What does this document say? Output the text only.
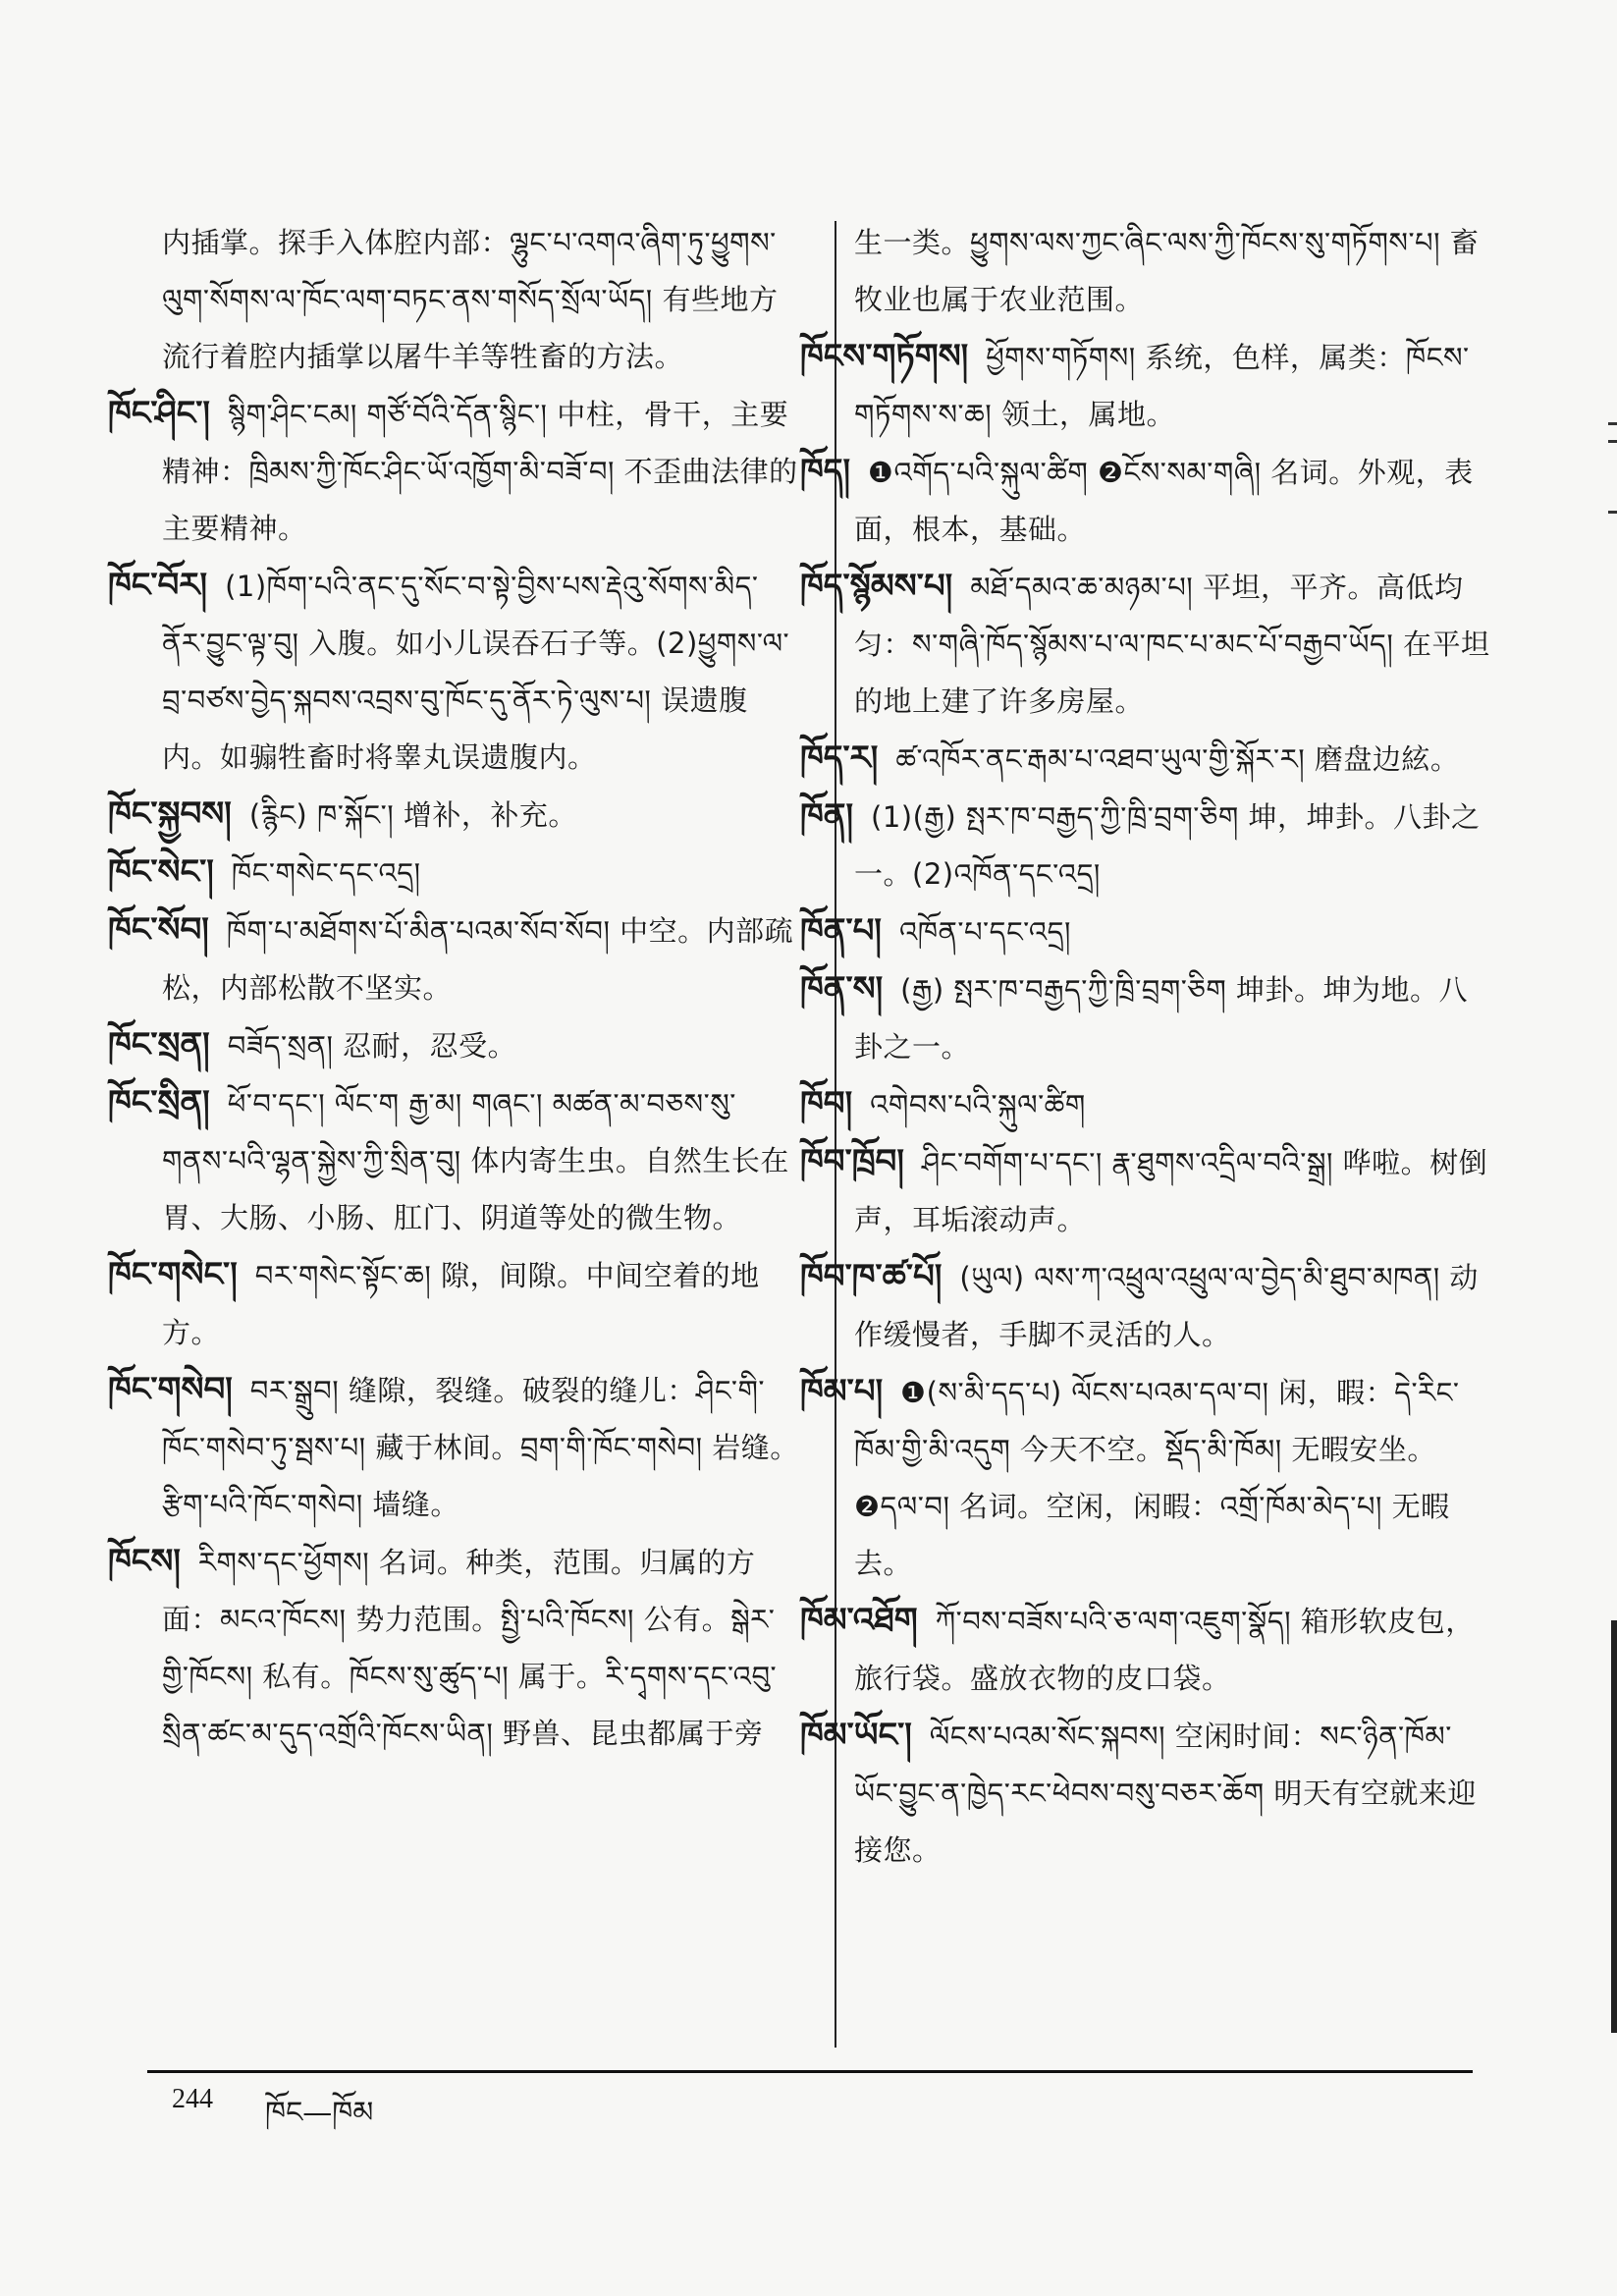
内插掌。探手入体腔内部：ལྷུང་པ་འགའ་ཞིག་ཏུ་ཕྱུགས་ལུག་སོགས་ལ་ཁོང་ལག་བཏང་ནས་གསོད་སྲོལ་ཡོད། 有些地方流行着腔内插掌以屠牛羊等牲畜的方法。

ཁོང་ཤིང་། སྙིག་ཤིང་ངམ། གཙོ་བོའི་དོན་སྙིང་། 中柱，骨干，主要精神：ཁྲིམས་ཀྱི་ཁོང་ཤིང་ཡོ་འཁྱོག་མི་བཟོ་བ། 不歪曲法律的主要精神。

ཁོང་བོར། (1)ཁོག་པའི་ནང་དུ་སོང་བ་སྟེ་བྱིས་པས་རྡེའུ་སོགས་མིད་ནོར་བྱུང་ལྟ་བུ། 入腹。如小儿误吞石子等。(2)ཕྱུགས་ལ་བྲ་བཙས་བྱེད་སྐབས་འབྲས་བུ་ཁོང་དུ་ནོར་ཏེ་ལུས་པ། 误遗腹内。如骟牲畜时将睾丸误遗腹内。

ཁོང་སྐྱབས། (རྙིང) ཁ་སྐོང་། 增补，补充。

ཁོང་སེང་། ཁོང་གསེང་དང་འདྲ།

ཁོང་སོབ། ཁོག་པ་མཐོགས་པོ་མིན་པའམ་སོབ་སོབ། 中空。内部疏松，内部松散不坚实。

ཁོང་སྲན། བཟོད་སྲན། 忍耐，忍受。

ཁོང་སྲིན། ཕོ་བ་དང་། ལོང་ག རྒྱ་མ། གཞང་། མཚན་མ་བཅས་སུ་གནས་པའི་ལྷན་སྐྱེས་ཀྱི་སྲིན་བུ། 体内寄生虫。自然生长在胃、大肠、小肠、肛门、阴道等处的微生物。

ཁོང་གསེང་། བར་གསེང་སྟོང་ཆ། 隙，间隙。中间空着的地方。

ཁོང་གསེབ། བར་སྒྲུབ། 缝隙，裂缝。破裂的缝儿：ཤིང་གི་ཁོང་གསེབ་ཏུ་སྦས་པ། 藏于林间。བྲག་གི་ཁོང་གསེབ། 岩缝。རྩིག་པའི་ཁོང་གསེབ། 墙缝。

ཁོངས། རིགས་དང་ཕྱོགས། 名词。种类，范围。归属的方面：མངའ་ཁོངས། 势力范围。སྤྱི་པའི་ཁོངས། 公有。སྒེར་གྱི་ཁོངས། 私有。ཁོངས་སུ་ཚུད་པ། 属于。རི་དྭགས་དང་འབུ་སྲིན་ཚང་མ་དུད་འགྲོའི་ཁོངས་ཡིན། 野兽、昆虫都属于旁

生一类。ཕྱུགས་ལས་ཀྱང་ཞིང་ལས་ཀྱི་ཁོངས་སུ་གཏོགས་པ། 畜牧业也属于农业范围。

ཁོངས་གཏོགས། ཕྱོགས་གཏོགས། 系统，色样，属类：ཁོངས་གཏོགས་ས་ཆ། 领土，属地。

ཁོད། ❶འགོད་པའི་སྐུལ་ཚིག ❷ངོས་སམ་གཞི། 名词。外观，表面，根本，基础。

ཁོད་སྙོམས་པ། མཐོ་དམའ་ཆ་མཉམ་པ། 平坦，平齐。高低均匀：ས་གཞི་ཁོད་སྙོམས་པ་ལ་ཁང་པ་མང་པོ་བརྒྱབ་ཡོད། 在平坦的地上建了许多房屋。

ཁོད་ར། ཚ་འཁོར་ནང་རྒམ་པ་འཐབ་ཡུལ་གྱི་སྐོར་ར། 磨盘边絃。

ཁོན། (1)(རྒྱ) སྤར་ཁ་བརྒྱད་ཀྱི་ཁྲི་བྲག་ཅིག 坤，坤卦。八卦之一。(2)འཁོན་དང་འདྲ།

ཁོན་པ། འཁོན་པ་དང་འདྲ།

ཁོན་ས། (རྒྱ) སྤར་ཁ་བརྒྱད་ཀྱི་ཁྲི་བྲག་ཅིག 坤卦。坤为地。八卦之一。

ཁོབ། འགེབས་པའི་སྐུལ་ཚིག

ཁོབ་ཁྲོབ། ཤིང་བགོག་པ་དང་། རྣ་ཐུགས་འདྲིལ་བའི་སྒྲ། 哗啦。树倒声，耳垢滚动声。

ཁོབ་ཁ་ཚ་པོ། (ཡུལ) ལས་ཀ་འཕྲུལ་འཕྲུལ་ལ་བྱེད་མི་ཐུབ་མཁན། 动作缓慢者，手脚不灵活的人。

ཁོམ་པ། ❶(ས་མི་དད་པ) ལོངས་པའམ་དལ་བ། 闲，暇：དེ་རིང་ཁོམ་གྱི་མི་འདུག 今天不空。སྡོད་མི་ཁོམ། 无暇安坐。❷དལ་བ། 名词。空闲，闲暇：འགྲོ་ཁོམ་མེད་པ། 无暇去。

ཁོམ་འཐོག ཀོ་བས་བཟོས་པའི་ཅ་ལག་འཇུག་སྣོད། 箱形软皮包，旅行袋。盛放衣物的皮口袋。

ཁོམ་ཡོང་། ལོངས་པའམ་སོང་སྐབས། 空闲时间：སང་ཉིན་ཁོམ་ཡོང་བྱུང་ན་ཁྱེད་རང་ཕེབས་བསུ་བཅར་ཆོག 明天有空就来迎接您。

244 ཁོང—ཁོམ
